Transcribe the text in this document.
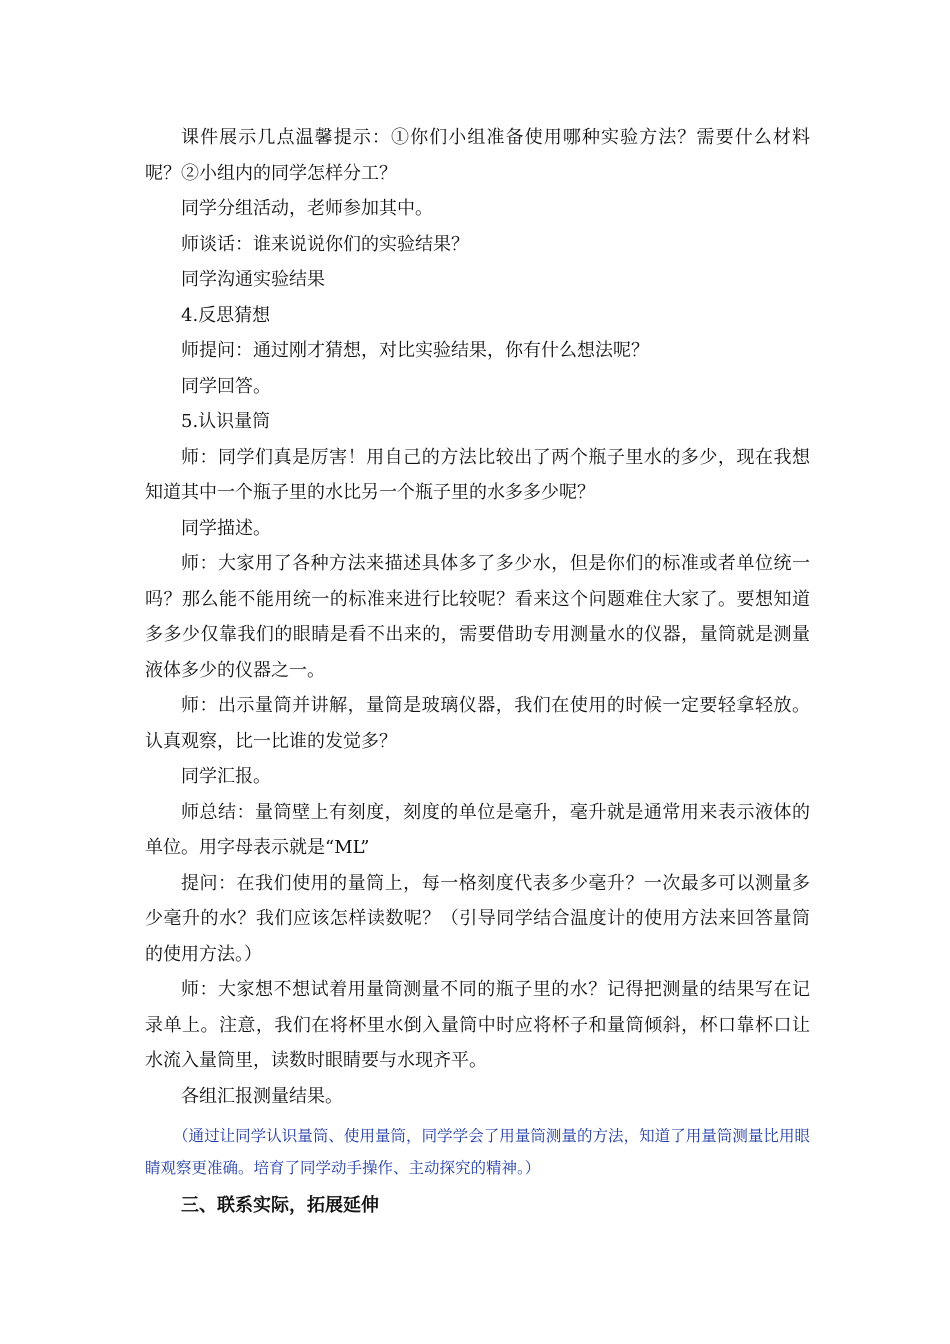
课件展示几点温馨提示：①你们小组准备使用哪种实验方法？需要什么材料呢？②小组内的同学怎样分工？

同学分组活动，老师参加其中。

师谈话：谁来说说你们的实验结果？

同学沟通实验结果

4.反思猜想

师提问：通过刚才猜想，对比实验结果，你有什么想法呢？

同学回答。

5.认识量筒

师：同学们真是厉害！用自己的方法比较出了两个瓶子里水的多少，现在我想知道其中一个瓶子里的水比另一个瓶子里的水多多少呢？

同学描述。

师：大家用了各种方法来描述具体多了多少水，但是你们的标准或者单位统一吗？那么能不能用统一的标准来进行比较呢？看来这个问题难住大家了。要想知道多多少仅靠我们的眼睛是看不出来的，需要借助专用测量水的仪器，量筒就是测量液体多少的仪器之一。

师：出示量筒并讲解，量筒是玻璃仪器，我们在使用的时候一定要轻拿轻放。认真观察，比一比谁的发觉多？

同学汇报。

师总结：量筒壁上有刻度，刻度的单位是毫升，毫升就是通常用来表示液体的单位。用字母表示就是“ML”

提问：在我们使用的量筒上，每一格刻度代表多少毫升？一次最多可以测量多少毫升的水？我们应该怎样读数呢？（引导同学结合温度计的使用方法来回答量筒的使用方法。）

师：大家想不想试着用量筒测量不同的瓶子里的水？记得把测量的结果写在记录单上。注意，我们在将杯里水倒入量筒中时应将杯子和量筒倾斜，杯口靠杯口让水流入量筒里，读数时眼睛要与水现齐平。

各组汇报测量结果。

（通过让同学认识量筒、使用量筒，同学学会了用量筒测量的方法，知道了用量筒测量比用眼睛观察更准确。培育了同学动手操作、主动探究的精神。）

三、联系实际，拓展延伸
